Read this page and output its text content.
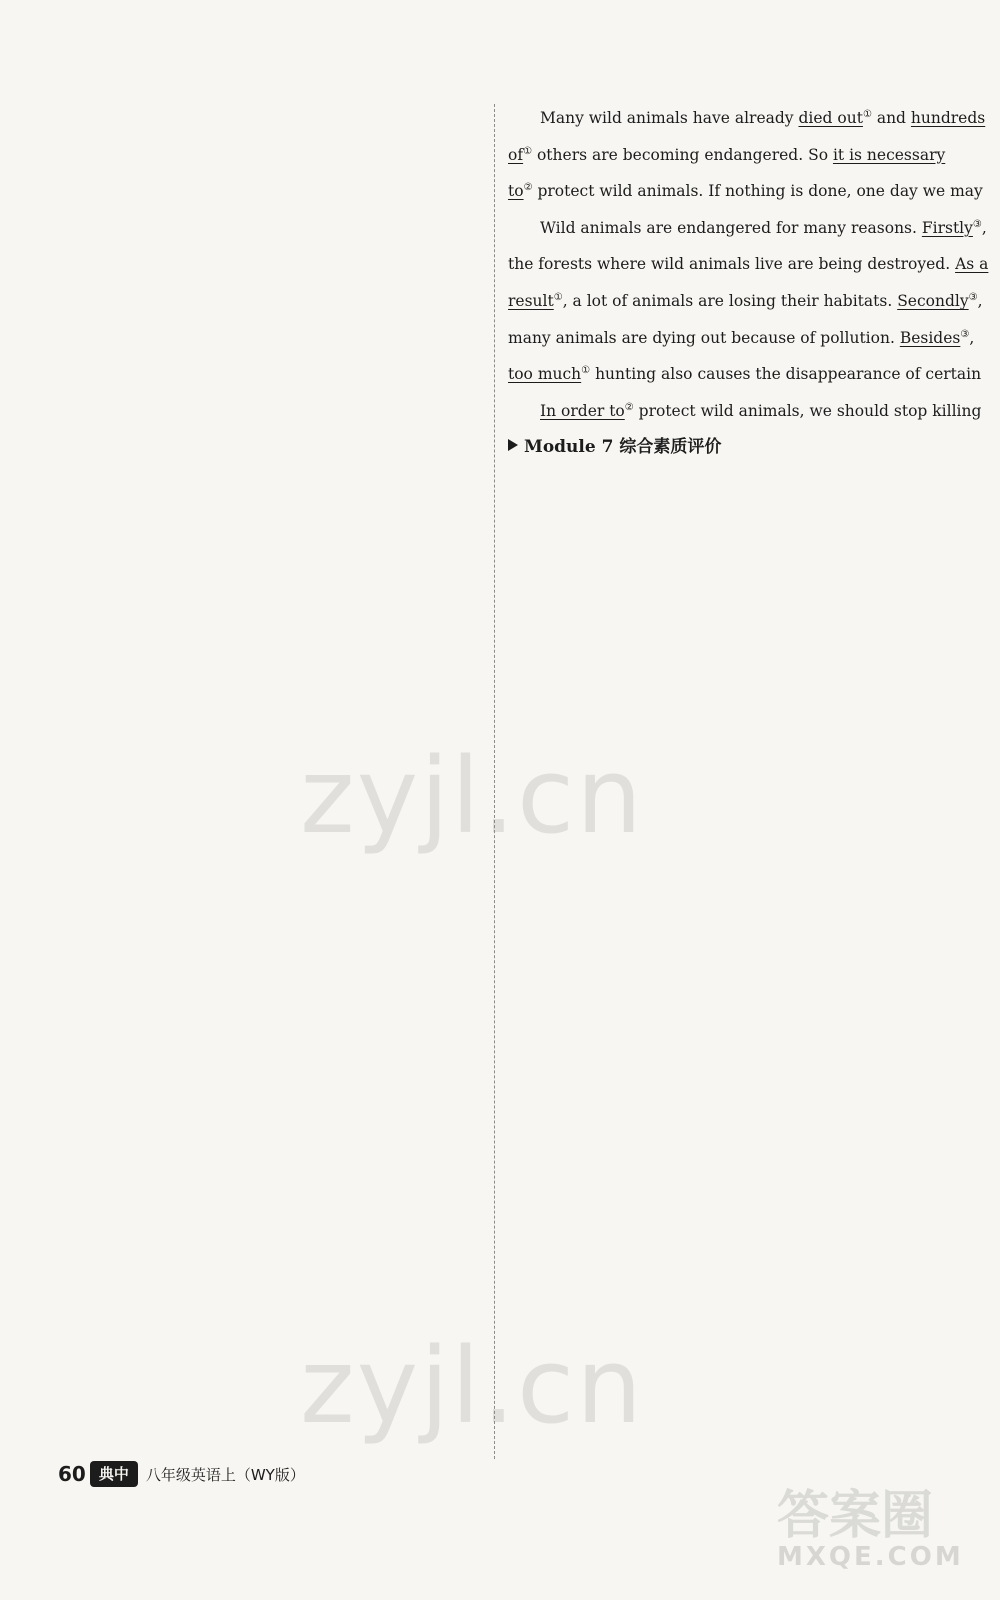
Many wild animals have already died out① and hundreds
of① others are becoming endangered. So it is necessary
to② protect wild animals. If nothing is done, one day we may
Wild animals are endangered for many reasons. Firstly③,
the forests where wild animals live are being destroyed. As a
result①, a lot of animals are losing their habitats. Secondly③,
many animals are dying out because of pollution. Besides③,
too much① hunting also causes the disappearance of certain
In order to② protect wild animals, we should stop killing
Module 7 综合素质评价
zyjl.cn
zyjl.cn
答案圈
MXQE.COM
60 典中	八年级英语上（WY版）
